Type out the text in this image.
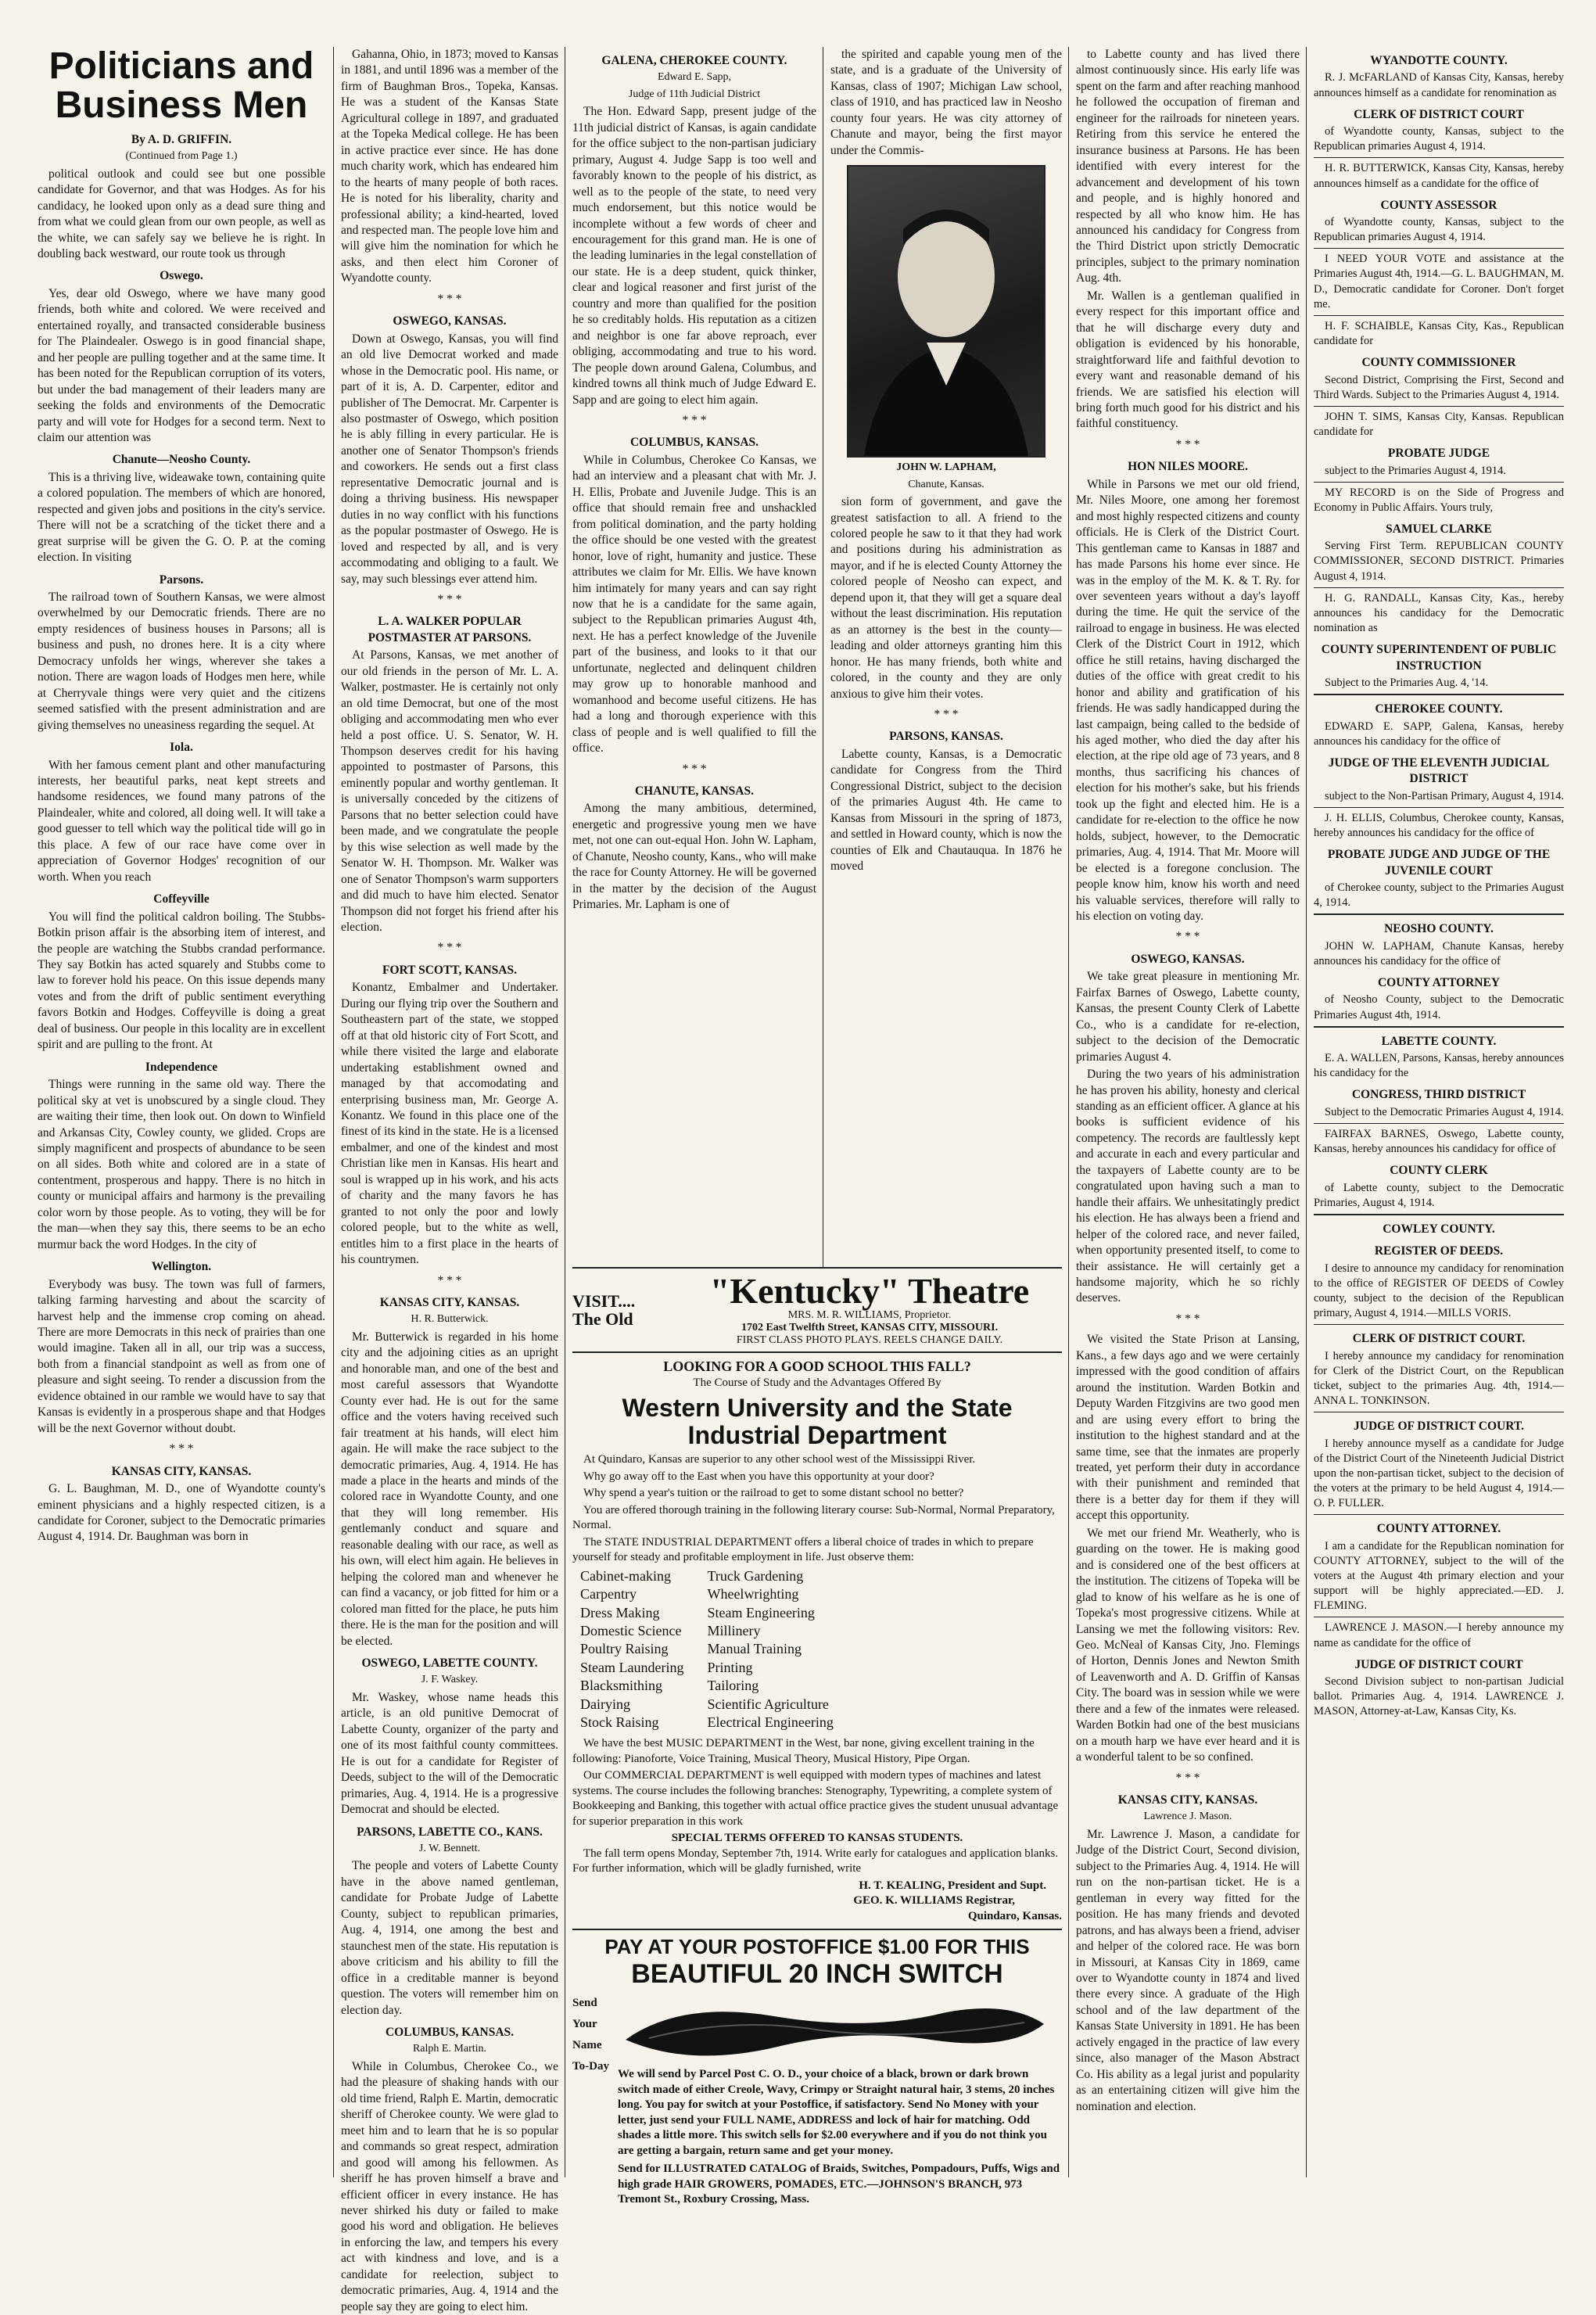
Politicians and
Business Men
By A. D. GRIFFIN.
(Continued from Page 1.)

political outlook and could see but one possible candidate for Governor, and that was Hodges. As for his candidacy, he looked upon only as a dead sure thing and from what we could glean from our own people, as well as the white, we can safely say we believe he is right. In doubling back westward, our route took us through

Oswego.

Yes, dear old Oswego, where we have many good friends, both white and colored. We were received and entertained royally, and transacted considerable business for The Plaindealer. Oswego is in good financial shape, and her people are pulling together and at the same time. It has been noted for the Republican corruption of its voters, but under the bad management of their leaders many are seeking the folds and environments of the Democratic party and will vote for Hodges for a second term. Next to claim our attention was

Chanute—Neosho County.

This is a thriving live, wideawake town, containing quite a colored population. The members of which are honored, respected and given jobs and positions in the city's service. There will not be a scratching of the ticket there and a great surprise will be given the G. O. P. at the coming election. In visiting

Parsons.

The railroad town of Southern Kansas, we were almost overwhelmed by our Democratic friends. There are no empty residences of business houses in Parsons; all is business and push, no drones here. It is a city where Democracy unfolds her wings, wherever she takes a notion. There are wagon loads of Hodges men here, while at Cherryvale things were very quiet and the citizens seemed satisfied with the present administration and are giving themselves no uneasiness regarding the sequel. At

Iola.

With her famous cement plant and other manufacturing interests, her beautiful parks, neat kept streets and handsome residences, we found many patrons of the Plaindealer, white and colored, all doing well. It will take a good guesser to tell which way the political tide will go in this place. A few of our race have come over in appreciation of Governor Hodges' recognition of our worth. When you reach

Coffeyville

You will find the political caldron boiling. The Stubbs-Botkin prison affair is the absorbing item of interest, and the people are watching the Stubbs crandad performance. They say Botkin has acted squarely and Stubbs come to law to forever hold his peace. On this issue depends many votes and from the drift of public sentiment everything favors Botkin and Hodges. Coffeyville is doing a great deal of business. Our people in this locality are in excellent spirit and are pulling to the front. At

Independence

Things were running in the same old way. There the political sky at vet is unobscured by a single cloud. They are waiting their time, then look out. On down to Winfield and Arkansas City, Cowley county, we glided. Crops are simply magnificent and prospects of abundance to be seen on all sides. Both white and colored are in a state of contentment, prosperous and happy. There is no hitch in county or municipal affairs and harmony is the prevailing color worn by those people. As to voting, they will be for the man—when they say this, there seems to be an echo murmur back the word Hodges. In the city of

Wellington.

Everybody was busy. The town was full of farmers, talking farming harvesting and about the scarcity of harvest help and the immense crop coming on ahead. There are more Democrats in this neck of prairies than one would imagine. Taken all in all, our trip was a success, both from a financial standpoint as well as from one of pleasure and sight seeing. To render a discussion from the evidence obtained in our ramble we would have to say that Kansas is evidently in a prosperous shape and that Hodges will be the next Governor without doubt.

* * *
KANSAS CITY, KANSAS.

G. L. Baughman, M. D., one of Wyandotte county's eminent physicians and a highly respected citizen, is a candidate for Coroner, subject to the Democratic primaries August 4, 1914. Dr. Baughman was born in

Gahanna, Ohio, in 1873; moved to Kansas in 1881, and until 1896 was a member of the firm of Baughman Bros., Topeka, Kansas. He was a student of the Kansas State Agricultural college in 1897, and graduated at the Topeka Medical college. He has been in active practice ever since. He has done much charity work, which has endeared him to the hearts of many people of both races. He is noted for his liberality, charity and professional ability; a kind-hearted, loved and respected man. The people love him and will give him the nomination for which he asks, and then elect him Coroner of Wyandotte county.

* * *
OSWEGO, KANSAS.

Down at Oswego, Kansas, you will find an old live Democrat worked and made whose in the Democratic pool. His name, or part of it is, A. D. Carpenter, editor and publisher of The Democrat. Mr. Carpenter is also postmaster of Oswego, which position he is ably filling in every particular. He is another one of Senator Thompson's friends and coworkers. He sends out a first class representative Democratic journal and is doing a thriving business. His newspaper duties in no way conflict with his functions as the popular postmaster of Oswego. He is loved and respected by all, and is very accommodating and obliging to a fault. We say, may such blessings ever attend him.

* * *
L. A. WALKER POPULAR POSTMASTER AT PARSONS.

At Parsons, Kansas, we met another of our old friends in the person of Mr. L. A. Walker, postmaster. He is certainly not only an old time Democrat, but one of the most obliging and accommodating men who ever held a post office. U. S. Senator, W. H. Thompson deserves credit for his having appointed to postmaster of Parsons, this eminently popular and worthy gentleman. It is universally conceded by the citizens of Parsons that no better selection could have been made, and we congratulate the people by this wise selection as well made by the Senator W. H. Thompson. Mr. Walker was one of Senator Thompson's warm supporters and did much to have him elected. Senator Thompson did not forget his friend after his election.

* * *
FORT SCOTT, KANSAS.

Konantz, Embalmer and Undertaker. During our flying trip over the Southern and Southeastern part of the state, we stopped off at that old historic city of Fort Scott, and while there visited the large and elaborate undertaking establishment owned and managed by that accomodating and enterprising business man, Mr. George A. Konantz. We found in this place one of the finest of its kind in the state. He is a licensed embalmer, and one of the kindest and most Christian like men in Kansas. His heart and soul is wrapped up in his work, and his acts of charity and the many favors he has granted to not only the poor and lowly colored people, but to the white as well, entitles him to a first place in the hearts of his countrymen.

* * *
KANSAS CITY, KANSAS.
H. R. Butterwick.

Mr. Butterwick is regarded in his home city and the adjoining cities as an upright and honorable man, and one of the best and most careful assessors that Wyandotte County ever had. He is out for the same office and the voters having received such fair treatment at his hands, will elect him again. He will make the race subject to the democratic primaries, Aug. 4, 1914. He has made a place in the hearts and minds of the colored race in Wyandotte County, and one that they will long remember. His gentlemanly conduct and square and reasonable dealing with our race, as well as his own, will elect him again. He believes in helping the colored man and whenever he can find a vacancy, or job fitted for him or a colored man fitted for the place, he puts him there. He is the man for the position and will be elected.

OSWEGO, LABETTE COUNTY.
J. F. Waskey.

Mr. Waskey, whose name heads this article, is an old punitive Democrat of Labette County, organizer of the party and one of its most faithful county committees. He is out for a candidate for Register of Deeds, subject to the will of the Democratic primaries, Aug. 4, 1914. He is a progressive Democrat and should be elected.

PARSONS, LABETTE CO., KANS.
J. W. Bennett.

The people and voters of Labette County have in the above named gentleman, candidate for Probate Judge of Labette County, subject to republican primaries, Aug. 4, 1914, one among the best and staunchest men of the state. His reputation is above criticism and his ability to fill the office in a creditable manner is beyond question. The voters will remember him on election day.

COLUMBUS, KANSAS.
Ralph E. Martin.

While in Columbus, Cherokee Co., we had the pleasure of shaking hands with our old time friend, Ralph E. Martin, democratic sheriff of Cherokee county. We were glad to meet him and to learn that he is so popular and commands so great respect, admiration and good will among his fellowmen. As sheriff he has proven himself a brave and efficient officer in every instance. He has never shirked his duty or failed to make good his word and obligation. He believes in enforcing the law, and tempers his every act with kindness and love, and is a candidate for reelection, subject to democratic primaries, Aug. 4, 1914 and the people say they are going to elect him.

GALENA, CHEROKEE COUNTY.
Edward E. Sapp,
Judge of 11th Judicial District

The Hon. Edward Sapp, present judge of the 11th judicial district of Kansas, is again candidate for the office subject to the non-partisan judiciary primary, August 4. Judge Sapp is too well and favorably known to the people of his district, as well as to the people of the state, to need very much endorsement, but this notice would be incomplete without a few words of cheer and encouragement for this grand man. He is one of the leading luminaries in the legal constellation of our state. He is a deep student, quick thinker, clear and logical reasoner and first jurist of the country and more than qualified for the position he so creditably holds. His reputation as a citizen and neighbor is one far above reproach, ever obliging, accommodating and true to his word. The people down around Galena, Columbus, and kindred towns all think much of Judge Edward E. Sapp and are going to elect him again.

* * *
COLUMBUS, KANSAS.

While in Columbus, Cherokee Co Kansas, we had an interview and a pleasant chat with Mr. J. H. Ellis, Probate and Juvenile Judge. This is an office that should remain free and unshackled from political domination, and the party holding the office should be one vested with the greatest honor, love of right, humanity and justice. These attributes we claim for Mr. Ellis. We have known him intimately for many years and can say right now that he is a candidate for the same again, subject to the Republican primaries August 4th, next. He has a perfect knowledge of the Juvenile part of the business, and looks to it that our unfortunate, neglected and delinquent children may grow up to honorable manhood and womanhood and become useful citizens. He has had a long and thorough experience with this class of people and is well qualified to fill the office.

* * *
CHANUTE, KANSAS.

Among the many ambitious, determined, energetic and progressive young men we have met, not one can out-equal Hon. John W. Lapham, of Chanute, Neosho county, Kans., who will make the race for County Attorney. He will be governed in the matter by the decision of the August Primaries. Mr. Lapham is one of

the spirited and capable young men of the state, and is a graduate of the University of Kansas, class of 1907; Michigan Law school, class of 1910, and has practiced law in Neosho county four years. He was city attorney of Chanute and mayor, being the first mayor under the Commis-

JOHN W. LAPHAM,
Chanute, Kansas.

sion form of government, and gave the greatest satisfaction to all. A friend to the colored people he saw to it that they had work and positions during his administration as mayor, and if he is elected County Attorney the colored people of Neosho can expect, and depend upon it, that they will get a square deal without the least discrimination. His reputation as an attorney is the best in the county—leading and older attorneys granting him this honor. He has many friends, both white and colored, in the county and they are only anxious to give him their votes.

* * *
PARSONS, KANSAS.

Labette county, Kansas, is a Democratic candidate for Congress from the Third Congressional District, subject to the decision of the primaries August 4th. He came to Kansas from Missouri in the spring of 1873, and settled in Howard county, which is now the counties of Elk and Chautauqua. In 1876 he moved

VISIT.... The Old
"Kentucky" Theatre
MRS. M. R. WILLIAMS, Proprietor.
1702 East Twelfth Street, KANSAS CITY, MISSOURI.
FIRST CLASS PHOTO PLAYS. REELS CHANGE DAILY.
LOOKING FOR A GOOD SCHOOL THIS FALL?
The Course of Study and the Advantages Offered By
Western University and the State Industrial Department

At Quindaro, Kansas are superior to any other school west of the Mississippi River.

Why go away off to the East when you have this opportunity at your door?

Why spend a year's tuition or the railroad to get to some distant school no better?

You are offered thorough training in the following literary course: Sub-Normal, Normal Preparatory, Normal.

The STATE INDUSTRIAL DEPARTMENT offers a liberal choice of trades in which to prepare yourself for steady and profitable employment in life. Just observe them:

Cabinet-making
Carpentry
Dress Making
Domestic Science
Poultry Raising
Steam Laundering
Blacksmithing
Dairying
Stock Raising
Truck Gardening
Wheelwrighting
Steam Engineering
Millinery
Manual Training
Printing
Tailoring
Scientific Agriculture
Electrical Engineering

We have the best MUSIC DEPARTMENT in the West, bar none, giving excellent training in the following: Pianoforte, Voice Training, Musical Theory, Musical History, Pipe Organ.

Our COMMERCIAL DEPARTMENT is well equipped with modern types of machines and latest systems. The course includes the following branches: Stenography, Typewriting, a complete system of Bookkeeping and Banking, this together with actual office practice gives the student unusual advantage for superior preparation in this work

SPECIAL TERMS OFFERED TO KANSAS STUDENTS.

The fall term opens Monday, September 7th, 1914. Write early for catalogues and application blanks. For further information, which will be gladly furnished, write

H. T. KEALING, President and Supt.
GEO. K. WILLIAMS Registrar,
Quindaro, Kansas.
PAY AT YOUR POSTOFFICE $1.00 FOR THIS
BEAUTIFUL 20 INCH SWITCH
Send Your Name To-Day
We will send by Parcel Post C. O. D., your choice of a black, brown or dark brown switch made of either Creole, Wavy, Crimpy or Straight natural hair, 3 stems, 20 inches long. You pay for switch at your Postoffice, if satisfactory. Send No Money with your letter, just send your FULL NAME, ADDRESS and lock of hair for matching. Odd shades a little more. This switch sells for $2.00 everywhere and if you do not think you are getting a bargain, return same and get your money.
Send for ILLUSTRATED CATALOG of Braids, Switches, Pompadours, Puffs, Wigs and high grade HAIR GROWERS, POMADES, ETC.—JOHNSON'S BRANCH, 973 Tremont St., Roxbury Crossing, Mass.

to Labette county and has lived there almost continuously since. His early life was spent on the farm and after reaching manhood he followed the occupation of fireman and engineer for the railroads for nineteen years. Retiring from this service he entered the insurance business at Parsons. He has been identified with every interest for the advancement and development of his town and people, and is highly honored and respected by all who know him. He has announced his candidacy for Congress from the Third District upon strictly Democratic principles, subject to the primary nomination Aug. 4th.

Mr. Wallen is a gentleman qualified in every respect for this important office and that he will discharge every duty and obligation is evidenced by his honorable, straightforward life and faithful devotion to every want and reasonable demand of his friends. We are satisfied his election will bring forth much good for his district and his faithful constituency.

* * *
HON NILES MOORE.

While in Parsons we met our old friend, Mr. Niles Moore, one among her foremost and most highly respected citizens and county officials. He is Clerk of the District Court. This gentleman came to Kansas in 1887 and has made Parsons his home ever since. He was in the employ of the M. K. & T. Ry. for over seventeen years without a day's layoff during the time. He quit the service of the railroad to engage in business. He was elected Clerk of the District Court in 1912, which office he still retains, having discharged the duties of the office with great credit to his honor and ability and gratification of his friends. He was sadly handicapped during the last campaign, being called to the bedside of his aged mother, who died the day after his election, at the ripe old age of 73 years, and 8 months, thus sacrificing his chances of election for his mother's sake, but his friends took up the fight and elected him. He is a candidate for re-election to the office he now holds, subject, however, to the Democratic primaries, Aug. 4, 1914. That Mr. Moore will be elected is a foregone conclusion. The people know him, know his worth and need his valuable services, therefore will rally to his election on voting day.

* * *
OSWEGO, KANSAS.

We take great pleasure in mentioning Mr. Fairfax Barnes of Oswego, Labette county, Kansas, the present County Clerk of Labette Co., who is a candidate for re-election, subject to the decision of the Democratic primaries August 4.

During the two years of his administration he has proven his ability, honesty and clerical standing as an efficient officer. A glance at his books is sufficient evidence of his competency. The records are faultlessly kept and accurate in each and every particular and the taxpayers of Labette county are to be congratulated upon having such a man to handle their affairs. We unhesitatingly predict his election. He has always been a friend and helper of the colored race, and never failed, when opportunity presented itself, to come to their assistance. He will certainly get a handsome majority, which he so richly deserves.

* * *

We visited the State Prison at Lansing, Kans., a few days ago and we were certainly impressed with the good condition of affairs around the institution. Warden Botkin and Deputy Warden Fitzgivins are two good men and are using every effort to bring the institution to the highest standard and at the same time, see that the inmates are properly treated, yet perform their duty in accordance with their punishment and reminded that there is a better day for them if they will accept this opportunity.

We met our friend Mr. Weatherly, who is guarding on the tower. He is making good and is considered one of the best officers at the institution. The citizens of Topeka will be glad to know of his welfare as he is one of Topeka's most progressive citizens. While at Lansing we met the following visitors: Rev. Geo. McNeal of Kansas City, Jno. Flemings of Horton, Dennis Jones and Newton Smith of Leavenworth and A. D. Griffin of Kansas City. The board was in session while we were there and a few of the inmates were released. Warden Botkin had one of the best musicians on a mouth harp we have ever heard and it is a wonderful talent to be so confined.

* * *
KANSAS CITY, KANSAS.
Lawrence J. Mason.

Mr. Lawrence J. Mason, a candidate for Judge of the District Court, Second division, subject to the Primaries Aug. 4, 1914. He will run on the non-partisan ticket. He is a gentleman in every way fitted for the position. He has many friends and devoted patrons, and has always been a friend, adviser and helper of the colored race. He was born in Missouri, at Kansas City in 1869, came over to Wyandotte county in 1874 and lived there every since. A graduate of the High school and of the law department of the Kansas State University in 1891. He has been actively engaged in the practice of law every since, also manager of the Mason Abstract Co. His ability as a legal jurist and popularity as an entertaining citizen will give him the nomination and election.

WYANDOTTE COUNTY.

R. J. McFARLAND of Kansas City, Kansas, hereby announces himself as a candidate for renomination as

CLERK OF DISTRICT COURT

of Wyandotte county, Kansas, subject to the Republican primaries August 4, 1914.

H. R. BUTTERWICK, Kansas City, Kansas, hereby announces himself as a candidate for the office of

COUNTY ASSESSOR

of Wyandotte county, Kansas, subject to the Republican primaries August 4, 1914.

I NEED YOUR VOTE and assistance at the Primaries August 4th, 1914.—G. L. BAUGHMAN, M. D., Democratic candidate for Coroner. Don't forget me.

H. F. SCHAIBLE, Kansas City, Kas., Republican candidate for

COUNTY COMMISSIONER

Second District, Comprising the First, Second and Third Wards. Subject to the Primaries August 4, 1914.

JOHN T. SIMS, Kansas City, Kansas. Republican candidate for

PROBATE JUDGE

subject to the Primaries August 4, 1914.

MY RECORD is on the Side of Progress and Economy in Public Affairs. Yours truly,

SAMUEL CLARKE

Serving First Term. REPUBLICAN COUNTY COMMISSIONER, SECOND DISTRICT. Primaries August 4, 1914.

H. G. RANDALL, Kansas City, Kas., hereby announces his candidacy for the Democratic nomination as

COUNTY SUPERINTENDENT OF PUBLIC INSTRUCTION

Subject to the Primaries Aug. 4, '14.

CHEROKEE COUNTY.

EDWARD E. SAPP, Galena, Kansas, hereby announces his candidacy for the office of

JUDGE OF THE ELEVENTH JUDICIAL DISTRICT

subject to the Non-Partisan Primary, August 4, 1914.

J. H. ELLIS, Columbus, Cherokee county, Kansas, hereby announces his candidacy for the office of

PROBATE JUDGE AND JUDGE OF THE JUVENILE COURT

of Cherokee county, subject to the Primaries August 4, 1914.

NEOSHO COUNTY.

JOHN W. LAPHAM, Chanute Kansas, hereby announces his candidacy for the office of

COUNTY ATTORNEY

of Neosho County, subject to the Democratic Primaries August 4th, 1914.

LABETTE COUNTY.

E. A. WALLEN, Parsons, Kansas, hereby announces his candidacy for the

CONGRESS, THIRD DISTRICT

Subject to the Democratic Primaries August 4, 1914.

FAIRFAX BARNES, Oswego, Labette county, Kansas, hereby announces his candidacy for office of

COUNTY CLERK

of Labette county, subject to the Democratic Primaries, August 4, 1914.

COWLEY COUNTY.
REGISTER OF DEEDS.

I desire to announce my candidacy for renomination to the office of REGISTER OF DEEDS of Cowley county, subject to the decision of the Republican primary, August 4, 1914.—MILLS VORIS.

CLERK OF DISTRICT COURT.

I hereby announce my candidacy for renomination for Clerk of the District Court, on the Republican ticket, subject to the primaries Aug. 4th, 1914.—ANNA L. TONKINSON.

JUDGE OF DISTRICT COURT.

I hereby announce myself as a candidate for Judge of the District Court of the Nineteenth Judicial District upon the non-partisan ticket, subject to the decision of the voters at the primary to be held August 4, 1914.—O. P. FULLER.

COUNTY ATTORNEY.

I am a candidate for the Republican nomination for COUNTY ATTORNEY, subject to the will of the voters at the August 4th primary election and your support will be highly appreciated.—ED. J. FLEMING.

LAWRENCE J. MASON.—I hereby announce my name as candidate for the office of

JUDGE OF DISTRICT COURT

Second Division subject to non-partisan Judicial ballot. Primaries Aug. 4, 1914. LAWRENCE J. MASON, Attorney-at-Law, Kansas City, Ks.
